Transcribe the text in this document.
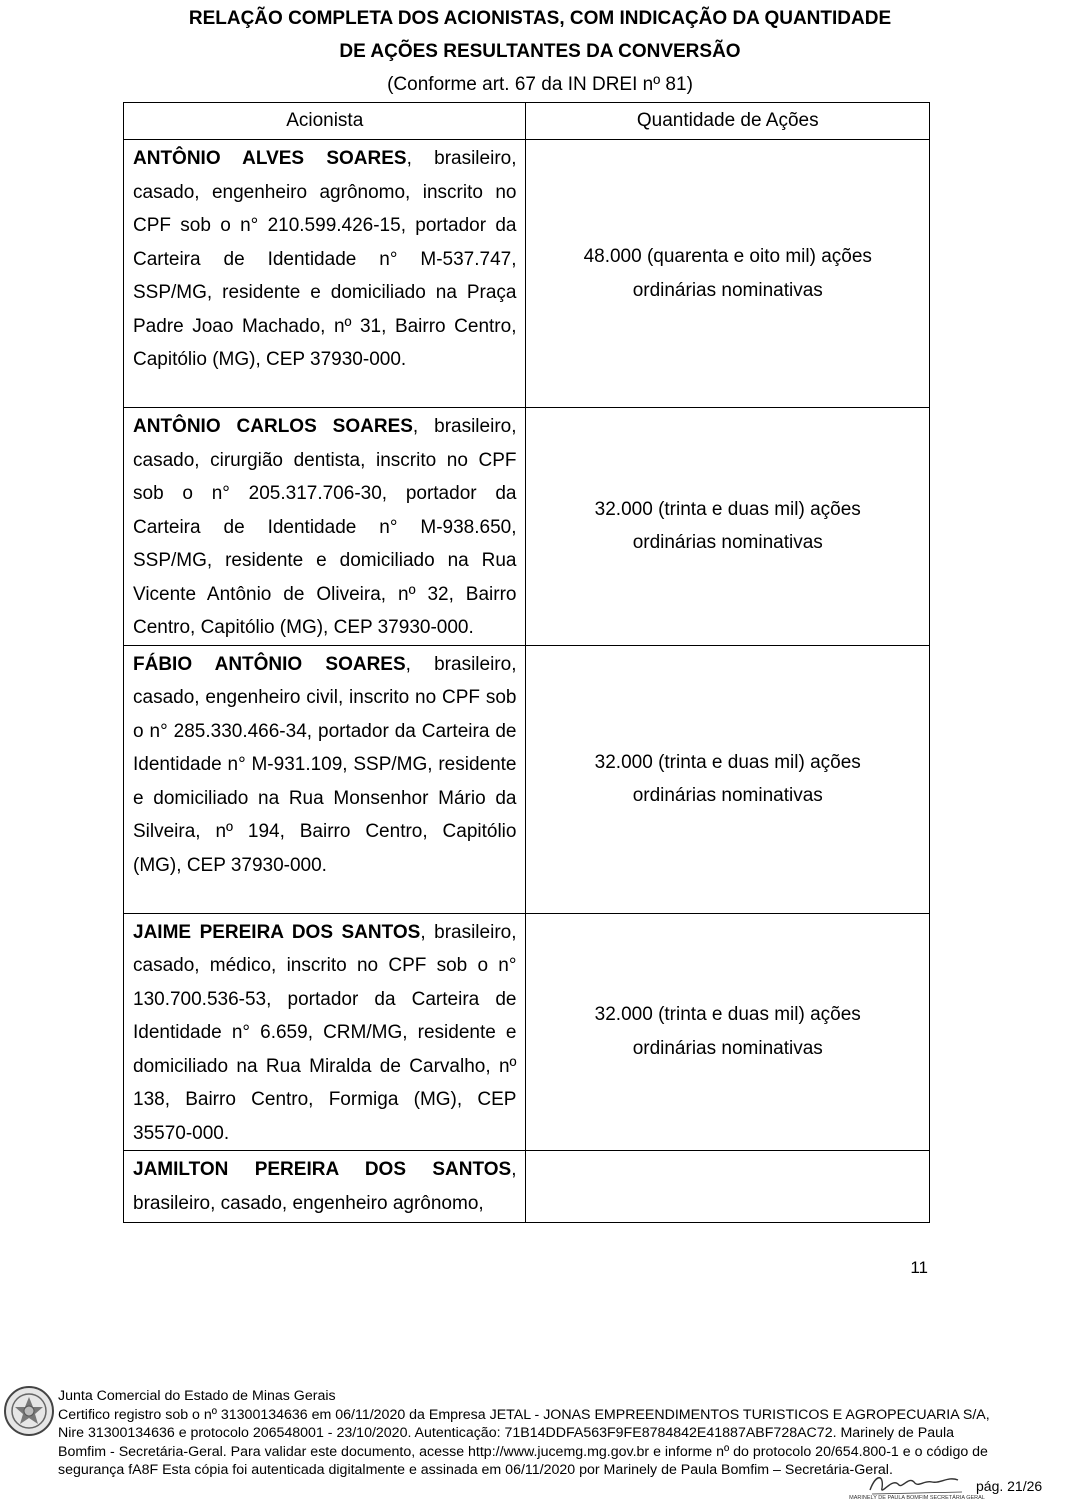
RELAÇÃO COMPLETA DOS ACIONISTAS, COM INDICAÇÃO DA QUANTIDADE
DE AÇÕES RESULTANTES DA CONVERSÃO
(Conforme art. 67 da IN DREI nº 81)
Acionista	Quantidade de Ações
ANTÔNIO ALVES SOARES, brasileiro, casado, engenheiro agrônomo, inscrito no CPF sob o n° 210.599.426-15, portador da Carteira de Identidade n° M-537.747, SSP/MG, residente e domiciliado na Praça Padre Joao Machado, nº 31, Bairro Centro, Capitólio (MG), CEP 37930-000.	48.000 (quarenta e oito mil) ações
ordinárias nominativas

ANTÔNIO CARLOS SOARES, brasileiro, casado, cirurgião dentista, inscrito no CPF sob o n° 205.317.706-30, portador da Carteira de Identidade n° M-938.650, SSP/MG, residente e domiciliado na Rua Vicente Antônio de Oliveira, nº 32, Bairro Centro, Capitólio (MG), CEP 37930-000.	32.000 (trinta e duas mil) ações
ordinárias nominativas

FÁBIO ANTÔNIO SOARES, brasileiro, casado, engenheiro civil, inscrito no CPF sob o n° 285.330.466-34, portador da Carteira de Identidade n° M-931.109, SSP/MG, residente e domiciliado na Rua Monsenhor Mário da Silveira, nº 194, Bairro Centro, Capitólio (MG), CEP 37930-000.	32.000 (trinta e duas mil) ações
ordinárias nominativas

JAIME PEREIRA DOS SANTOS, brasileiro, casado, médico, inscrito no CPF sob o n° 130.700.536-53, portador da Carteira de Identidade n° 6.659, CRM/MG, residente e domiciliado na Rua Miralda de Carvalho, nº 138, Bairro Centro, Formiga (MG), CEP 35570-000.	32.000 (trinta e duas mil) ações
ordinárias nominativas

JAMILTON PEREIRA DOS SANTOS, brasileiro, casado, engenheiro agrônomo,	
11
Junta Comercial do Estado de Minas Gerais
Certifico registro sob o nº 31300134636 em 06/11/2020 da Empresa JETAL - JONAS EMPREENDIMENTOS TURISTICOS E AGROPECUARIA S/A,
Nire 31300134636 e protocolo 206548001 - 23/10/2020. Autenticação: 71B14DDFA563F9FE8784842E41887ABF728AC72. Marinely de Paula
Bomfim - Secretária-Geral. Para validar este documento, acesse http://www.jucemg.mg.gov.br e informe nº do protocolo 20/654.800-1 e o código de
segurança fA8F Esta cópia foi autenticada digitalmente e assinada em 06/11/2020 por Marinely de Paula Bomfim – Secretária-Geral.
MARINELY DE PAULA BOMFIM SECRETÁRIA GERAL
pág. 21/26
